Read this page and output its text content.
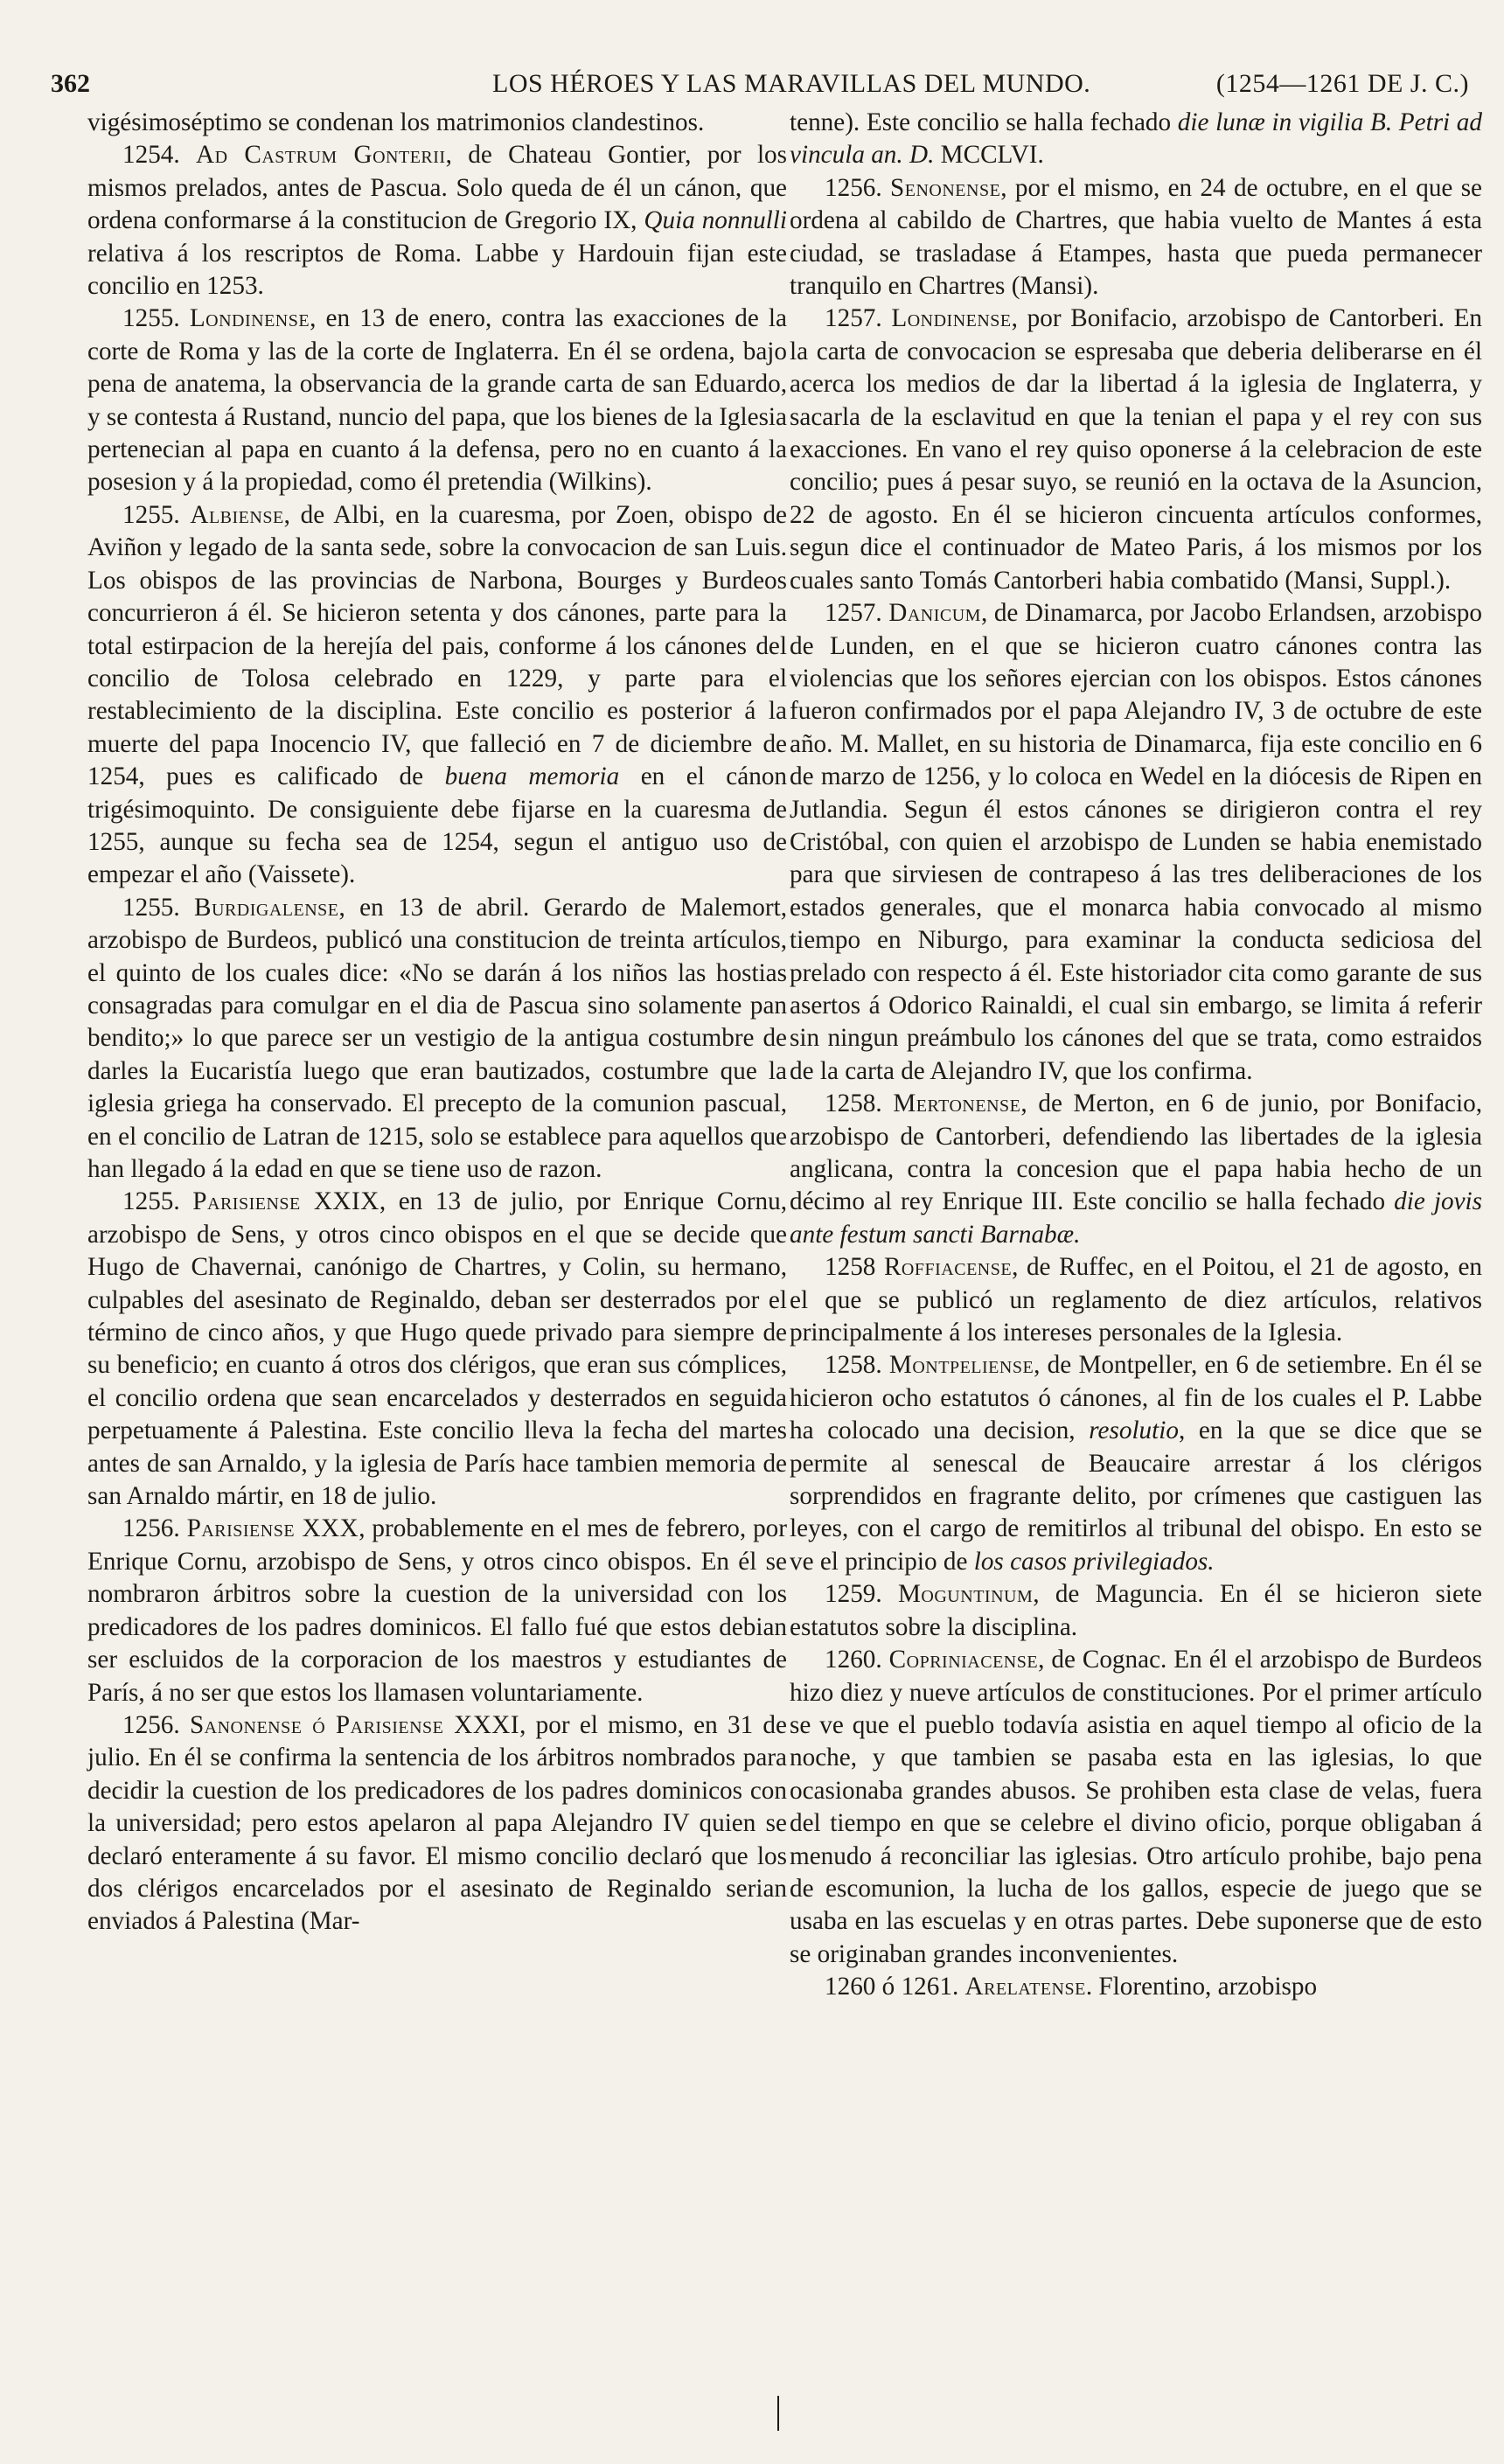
362	LOS HÉROES Y LAS MARAVILLAS DEL MUNDO.	(1254—1261 DE J. C.)

vigésimoséptimo se condenan los matrimonios clandestinos.

1254. Ad Castrum Gonterii, de Chateau Gontier, por los mismos prelados, antes de Pascua. Solo queda de él un cánon, que ordena conformarse á la constitucion de Gregorio IX, Quia nonnulli relativa á los rescriptos de Roma. Labbe y Hardouin fijan este concilio en 1253.

1255. Londinense, en 13 de enero, contra las exacciones de la corte de Roma y las de la corte de Inglaterra. En él se ordena, bajo pena de anatema, la observancia de la grande carta de san Eduardo, y se contesta á Rustand, nuncio del papa, que los bienes de la Iglesia pertenecian al papa en cuanto á la defensa, pero no en cuanto á la posesion y á la propiedad, como él pretendia (Wilkins).

1255. Albiense, de Albi, en la cuaresma, por Zoen, obispo de Aviñon y legado de la santa sede, sobre la convocacion de san Luis. Los obispos de las provincias de Narbona, Bourges y Burdeos concurrieron á él. Se hicieron setenta y dos cánones, parte para la total estirpacion de la herejía del pais, conforme á los cánones del concilio de Tolosa celebrado en 1229, y parte para el restablecimiento de la disciplina. Este concilio es posterior á la muerte del papa Inocencio IV, que falleció en 7 de diciembre de 1254, pues es calificado de buena memoria en el cánon trigésimoquinto. De consiguiente debe fijarse en la cuaresma de 1255, aunque su fecha sea de 1254, segun el antiguo uso de empezar el año (Vaissete).

1255. Burdigalense, en 13 de abril. Gerardo de Malemort, arzobispo de Burdeos, publicó una constitucion de treinta artículos, el quinto de los cuales dice: «No se darán á los niños las hostias consagradas para comulgar en el dia de Pascua sino solamente pan bendito;» lo que parece ser un vestigio de la antigua costumbre de darles la Eucaristía luego que eran bautizados, costumbre que la iglesia griega ha conservado. El precepto de la comunion pascual, en el concilio de Latran de 1215, solo se establece para aquellos que han llegado á la edad en que se tiene uso de razon.

1255. Parisiense XXIX, en 13 de julio, por Enrique Cornu, arzobispo de Sens, y otros cinco obispos en el que se decide que Hugo de Chavernai, canónigo de Chartres, y Colin, su hermano, culpables del asesinato de Reginaldo, deban ser desterrados por el término de cinco años, y que Hugo quede privado para siempre de su beneficio; en cuanto á otros dos clérigos, que eran sus cómplices, el concilio ordena que sean encarcelados y desterrados en seguida perpetuamente á Palestina. Este concilio lleva la fecha del martes antes de san Arnaldo, y la iglesia de París hace tambien memoria de san Arnaldo mártir, en 18 de julio.

1256. Parisiense XXX, probablemente en el mes de febrero, por Enrique Cornu, arzobispo de Sens, y otros cinco obispos. En él se nombraron árbitros sobre la cuestion de la universidad con los predicadores de los padres dominicos. El fallo fué que estos debian ser escluidos de la corporacion de los maestros y estudiantes de París, á no ser que estos los llamasen voluntariamente.

1256. Sanonense ó Parisiense XXXI, por el mismo, en 31 de julio. En él se confirma la sentencia de los árbitros nombrados para decidir la cuestion de los predicadores de los padres dominicos con la universidad; pero estos apelaron al papa Alejandro IV quien se declaró enteramente á su favor. El mismo concilio declaró que los dos clérigos encarcelados por el asesinato de Reginaldo serian enviados á Palestina (Mar-

tenne). Este concilio se halla fechado die lunæ in vigilia B. Petri ad vincula an. D. MCCLVI.

1256. Senonense, por el mismo, en 24 de octubre, en el que se ordena al cabildo de Chartres, que habia vuelto de Mantes á esta ciudad, se trasladase á Etampes, hasta que pueda permanecer tranquilo en Chartres (Mansi).

1257. Londinense, por Bonifacio, arzobispo de Cantorberi. En la carta de convocacion se espresaba que deberia deliberarse en él acerca los medios de dar la libertad á la iglesia de Inglaterra, y sacarla de la esclavitud en que la tenian el papa y el rey con sus exacciones. En vano el rey quiso oponerse á la celebracion de este concilio; pues á pesar suyo, se reunió en la octava de la Asuncion, 22 de agosto. En él se hicieron cincuenta artículos conformes, segun dice el continuador de Mateo Paris, á los mismos por los cuales santo Tomás Cantorberi habia combatido (Mansi, Suppl.).

1257. Danicum, de Dinamarca, por Jacobo Erlandsen, arzobispo de Lunden, en el que se hicieron cuatro cánones contra las violencias que los señores ejercian con los obispos. Estos cánones fueron confirmados por el papa Alejandro IV, 3 de octubre de este año. M. Mallet, en su historia de Dinamarca, fija este concilio en 6 de marzo de 1256, y lo coloca en Wedel en la diócesis de Ripen en Jutlandia. Segun él estos cánones se dirigieron contra el rey Cristóbal, con quien el arzobispo de Lunden se habia enemistado para que sirviesen de contrapeso á las tres deliberaciones de los estados generales, que el monarca habia convocado al mismo tiempo en Niburgo, para examinar la conducta sediciosa del prelado con respecto á él. Este historiador cita como garante de sus asertos á Odorico Rainaldi, el cual sin embargo, se limita á referir sin ningun preámbulo los cánones del que se trata, como estraidos de la carta de Alejandro IV, que los confirma.

1258. Mertonense, de Merton, en 6 de junio, por Bonifacio, arzobispo de Cantorberi, defendiendo las libertades de la iglesia anglicana, contra la concesion que el papa habia hecho de un décimo al rey Enrique III. Este concilio se halla fechado die jovis ante festum sancti Barnabæ.

1258 Roffiacense, de Ruffec, en el Poitou, el 21 de agosto, en el que se publicó un reglamento de diez artículos, relativos principalmente á los intereses personales de la Iglesia.

1258. Montpeliense, de Montpeller, en 6 de setiembre. En él se hicieron ocho estatutos ó cánones, al fin de los cuales el P. Labbe ha colocado una decision, resolutio, en la que se dice que se permite al senescal de Beaucaire arrestar á los clérigos sorprendidos en fragrante delito, por crímenes que castiguen las leyes, con el cargo de remitirlos al tribunal del obispo. En esto se ve el principio de los casos privilegiados.

1259. Moguntinum, de Maguncia. En él se hicieron siete estatutos sobre la disciplina.

1260. Copriniacense, de Cognac. En él el arzobispo de Burdeos hizo diez y nueve artículos de constituciones. Por el primer artículo se ve que el pueblo todavía asistia en aquel tiempo al oficio de la noche, y que tambien se pasaba esta en las iglesias, lo que ocasionaba grandes abusos. Se prohiben esta clase de velas, fuera del tiempo en que se celebre el divino oficio, porque obligaban á menudo á reconciliar las iglesias. Otro artículo prohibe, bajo pena de escomunion, la lucha de los gallos, especie de juego que se usaba en las escuelas y en otras partes. Debe suponerse que de esto se originaban grandes inconvenientes.

1260 ó 1261. Arelatense. Florentino, arzobispo
